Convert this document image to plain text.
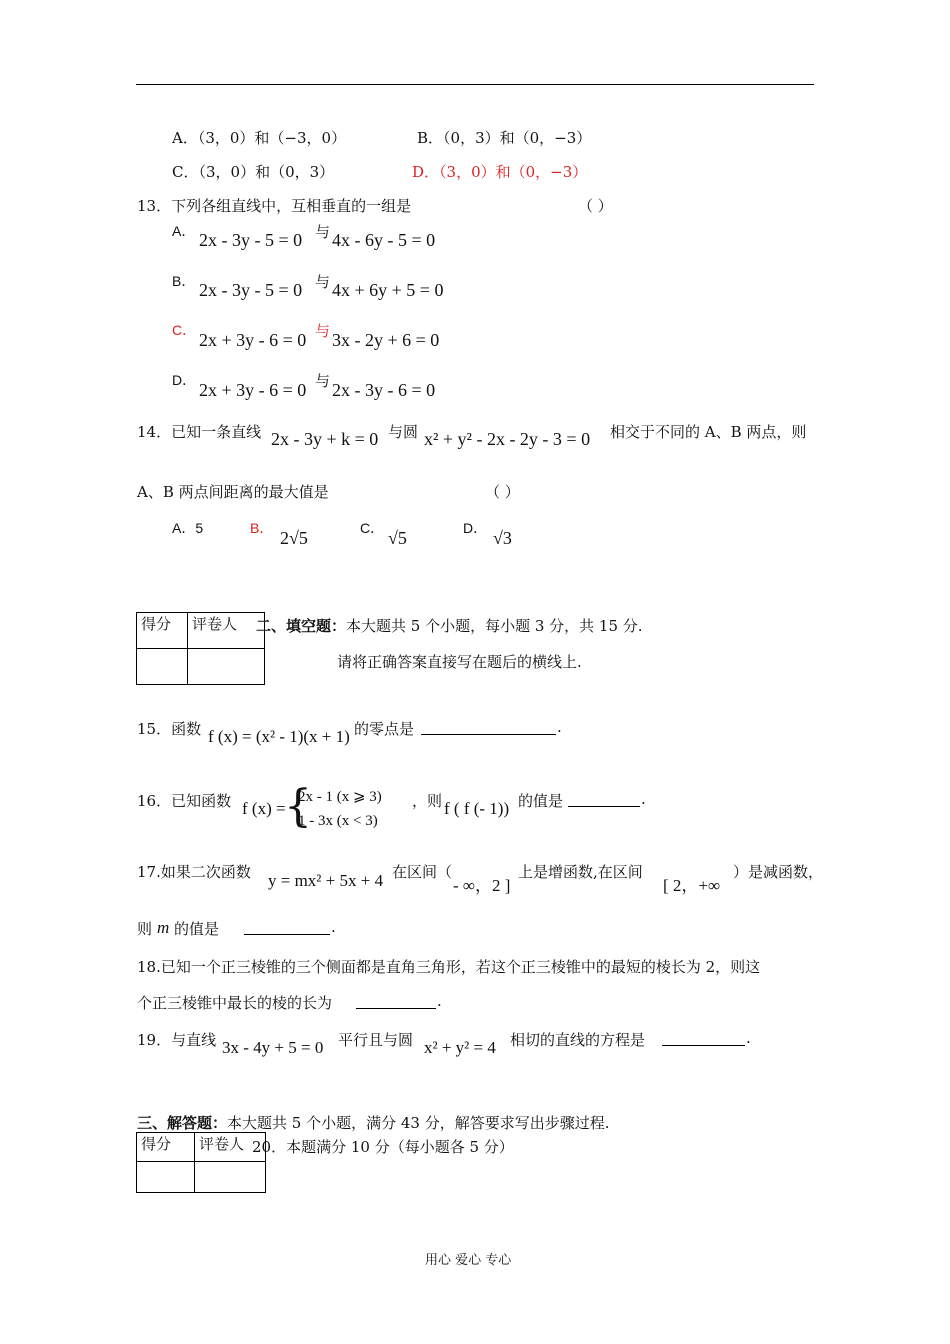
A．（3，0）和（−3，0）	B．（0，3）和（0，−3）
C．（3，0）和（0，3）	D．（3，0）和（0，−3）
13．下列各组直线中，互相垂直的一组是	（ ）
A． 2x - 3y - 5 = 0 与 4x - 6y - 5 = 0
B． 2x - 3y - 5 = 0 与 4x + 6y + 5 = 0
C． 2x + 3y - 6 = 0 与 3x - 2y + 6 = 0
D． 2x + 3y - 6 = 0 与 2x - 3y - 6 = 0
14．已知一条直线 2x - 3y + k = 0 与圆 x² + y² - 2x - 2y - 3 = 0 相交于不同的 A、B 两点，则
A、B 两点间距离的最大值是	（ ）
A．5	B． 2√5	C． √5	D． √3
得分	评卷人
	二、填空题： 本大题共 5 个小题，每小题 3 分，共 15 分.
请将正确答案直接写在题后的横线上.
15．函数 f (x) = (x² - 1)(x + 1) 的零点是	.
16．已知函数 f (x) =
{
2x - 1 (x ⩾ 3)
1 - 3x (x < 3)
，则 f ( f (- 1)) 的值是	.
17.如果二次函数 y = mx² + 5x + 4 在区间（
- ∞，2 ]
上是增函数,在区间
[ 2，+∞
）是减函数，
则 m 的值是	.
18.已知一个正三棱锥的三个侧面都是直角三角形，若这个正三棱锥中的最短的棱长为 2，则这
个正三棱锥中最长的棱的长为	.
19．与直线 3x - 4y + 5 = 0 平行且与圆 x² + y² = 4 相切的直线的方程是	.
三、解答题： 本大题共 5 个小题，满分 43 分，解答要求写出步骤过程.
得分	评卷人
	20．本题满分 10 分（每小题各 5 分）
用心 爱心 专心
